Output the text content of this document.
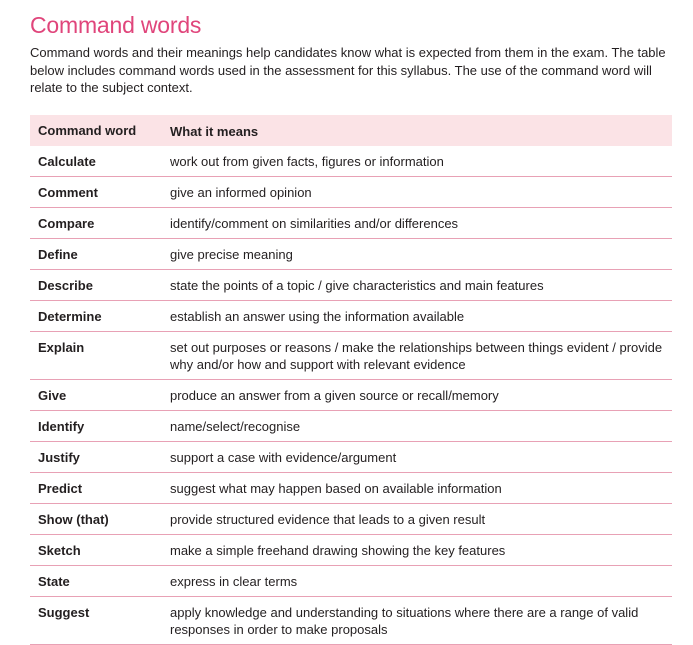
Command words
Command words and their meanings help candidates know what is expected from them in the exam. The table below includes command words used in the assessment for this syllabus. The use of the command word will relate to the subject context.
Command word	What it means
Calculate	work out from given facts, figures or information
Comment	give an informed opinion
Compare	identify/comment on similarities and/or differences
Define	give precise meaning
Describe	state the points of a topic / give characteristics and main features
Determine	establish an answer using the information available
Explain	set out purposes or reasons / make the relationships between things evident / provide why and/or how and support with relevant evidence
Give	produce an answer from a given source or recall/memory
Identify	name/select/recognise
Justify	support a case with evidence/argument
Predict	suggest what may happen based on available information
Show (that)	provide structured evidence that leads to a given result
Sketch	make a simple freehand drawing showing the key features
State	express in clear terms
Suggest	apply knowledge and understanding to situations where there are a range of valid responses in order to make proposals
